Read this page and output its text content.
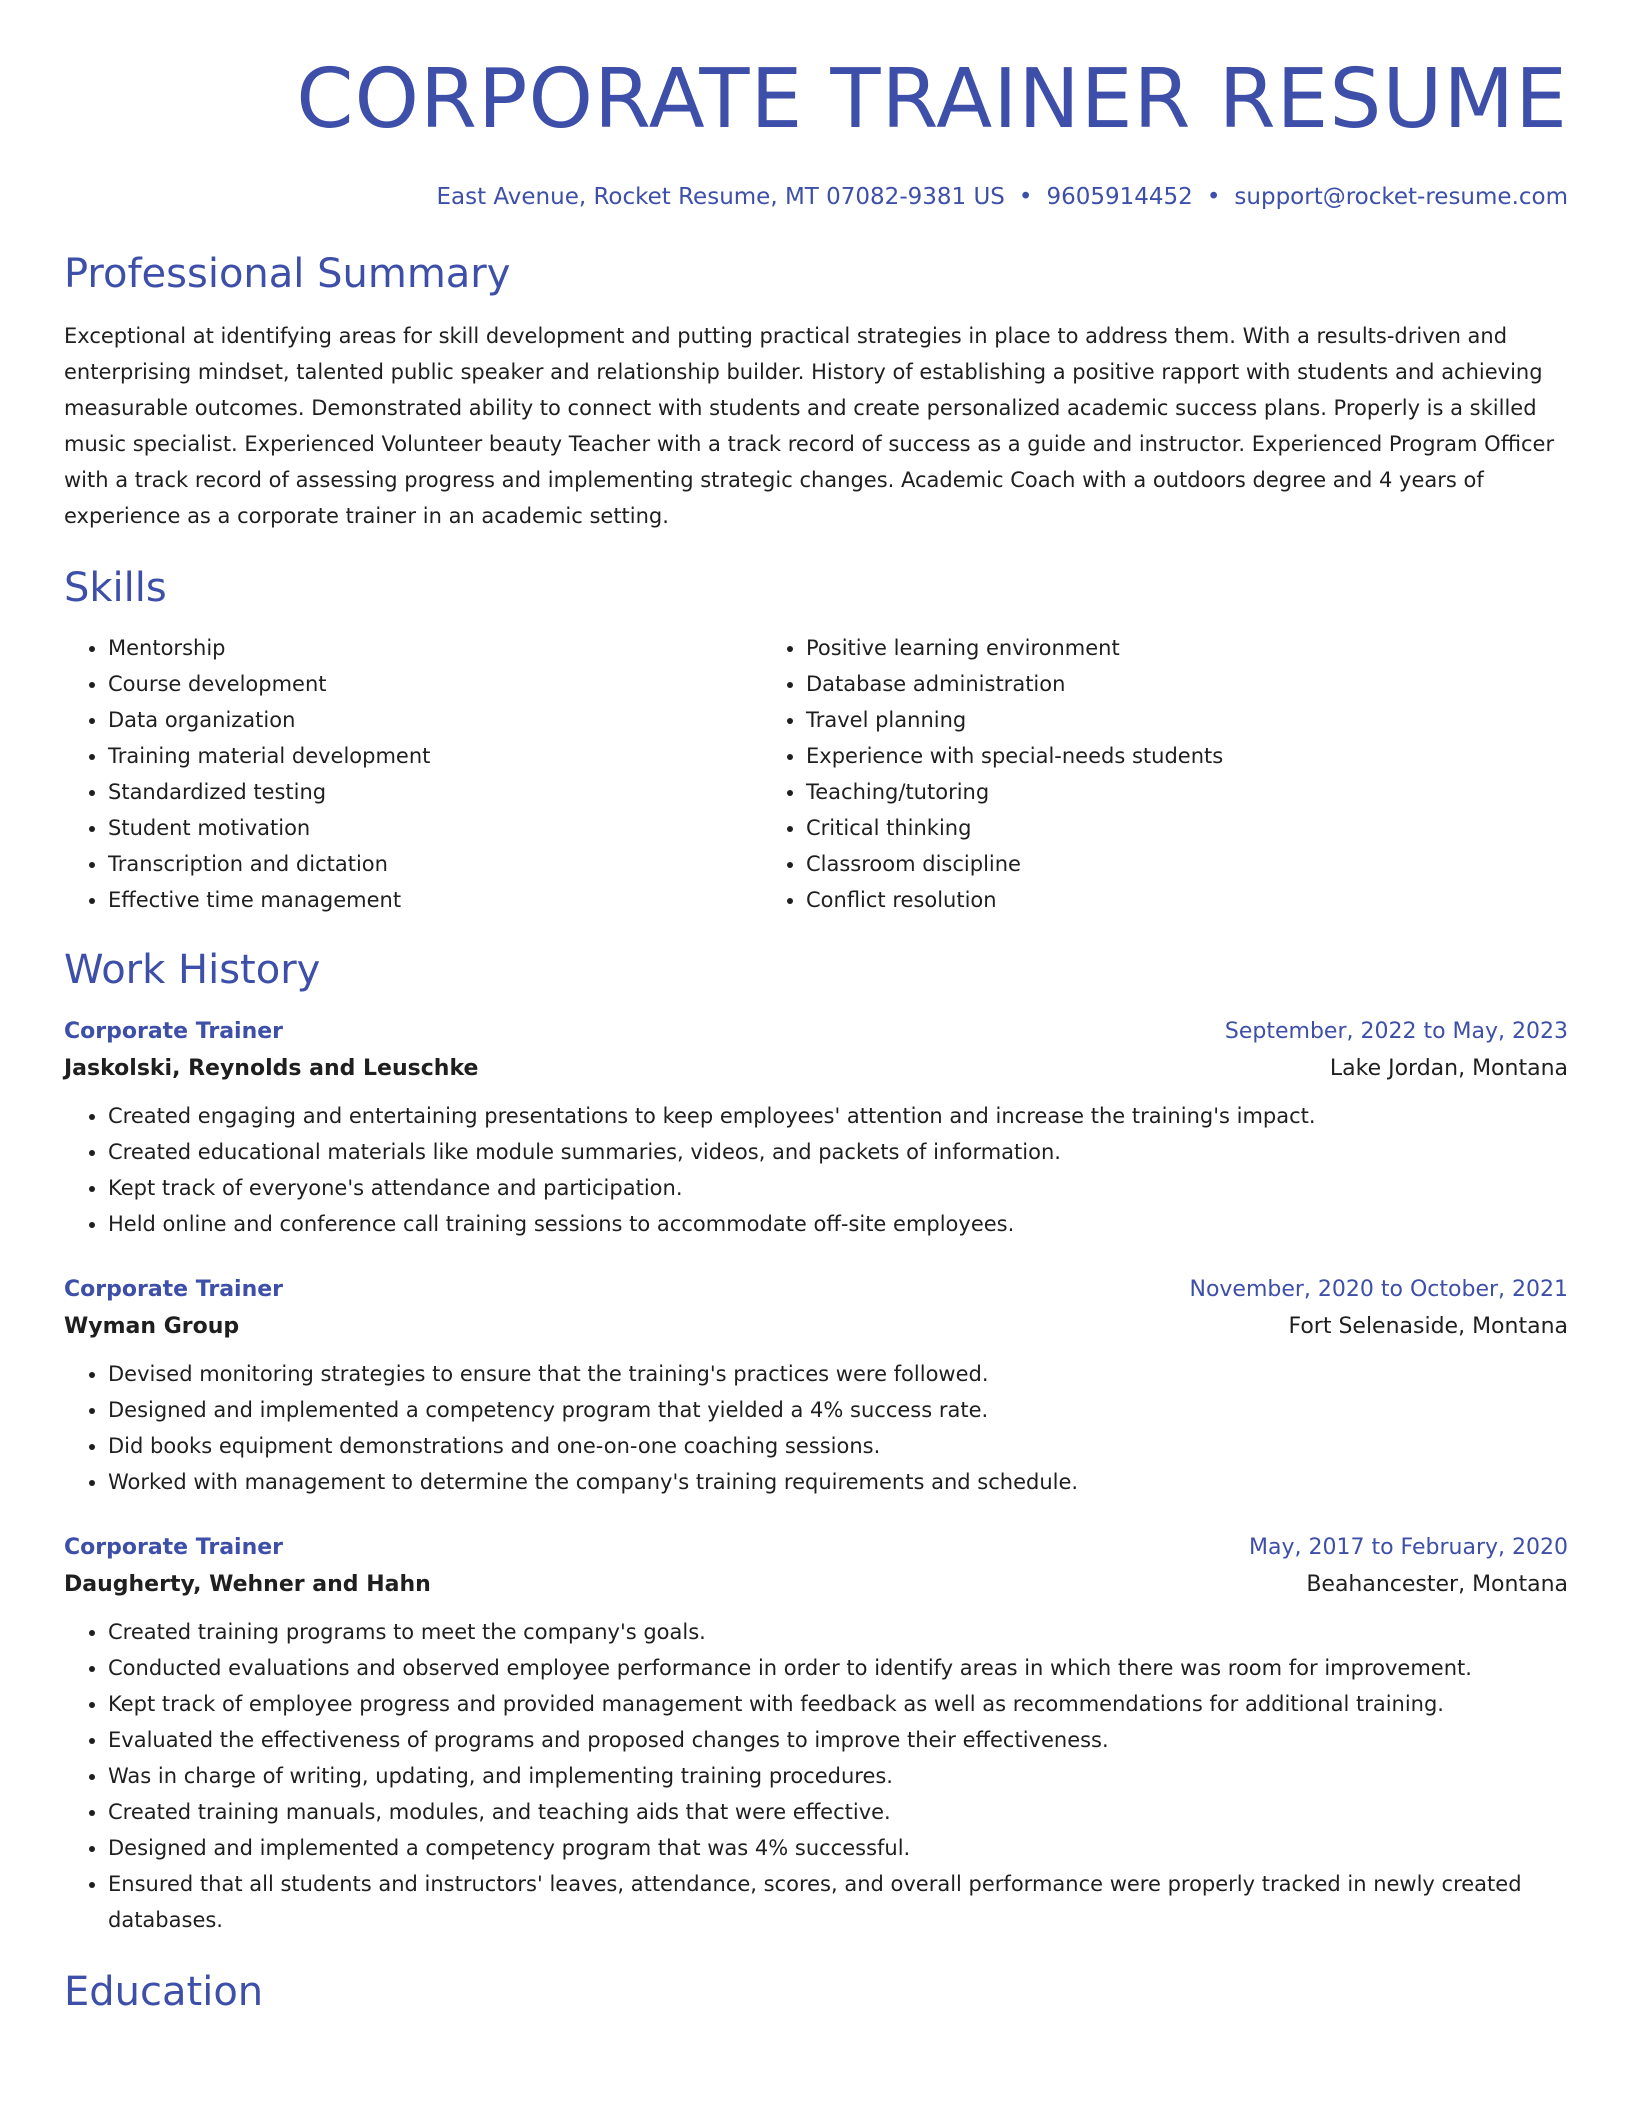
CORPORATE TRAINER RESUME
East Avenue, Rocket Resume, MT 07082-9381 US • 9605914452 • support@rocket-resume.com
Professional Summary

Exceptional at identifying areas for skill development and putting practical strategies in place to address them. With a results-driven and enterprising mindset, talented public speaker and relationship builder. History of establishing a positive rapport with students and achieving measurable outcomes. Demonstrated ability to connect with students and create personalized academic success plans. Properly is a skilled music specialist. Experienced Volunteer beauty Teacher with a track record of success as a guide and instructor. Experienced Program Officer with a track record of assessing progress and implementing strategic changes. Academic Coach with a outdoors degree and 4 years of experience as a corporate trainer in an academic setting.

Skills
• Mentorship
• Course development
• Data organization
• Training material development
• Standardized testing
• Student motivation
• Transcription and dictation
• Effective time management
• Positive learning environment
• Database administration
• Travel planning
• Experience with special-needs students
• Teaching/tutoring
• Critical thinking
• Classroom discipline
• Conflict resolution
Work History
Corporate Trainer	September, 2022 to May, 2023
Jaskolski, Reynolds and Leuschke	Lake Jordan, Montana
• Created engaging and entertaining presentations to keep employees' attention and increase the training's impact.
• Created educational materials like module summaries, videos, and packets of information.
• Kept track of everyone's attendance and participation.
• Held online and conference call training sessions to accommodate off-site employees.
Corporate Trainer	November, 2020 to October, 2021
Wyman Group	Fort Selenaside, Montana
• Devised monitoring strategies to ensure that the training's practices were followed.
• Designed and implemented a competency program that yielded a 4% success rate.
• Did books equipment demonstrations and one-on-one coaching sessions.
• Worked with management to determine the company's training requirements and schedule.
Corporate Trainer	May, 2017 to February, 2020
Daugherty, Wehner and Hahn	Beahancester, Montana
• Created training programs to meet the company's goals.
• Conducted evaluations and observed employee performance in order to identify areas in which there was room for improvement.
• Kept track of employee progress and provided management with feedback as well as recommendations for additional training.
• Evaluated the effectiveness of programs and proposed changes to improve their effectiveness.
• Was in charge of writing, updating, and implementing training procedures.
• Created training manuals, modules, and teaching aids that were effective.
• Designed and implemented a competency program that was 4% successful.
• Ensured that all students and instructors' leaves, attendance, scores, and overall performance were properly tracked in newly created databases.
Education
